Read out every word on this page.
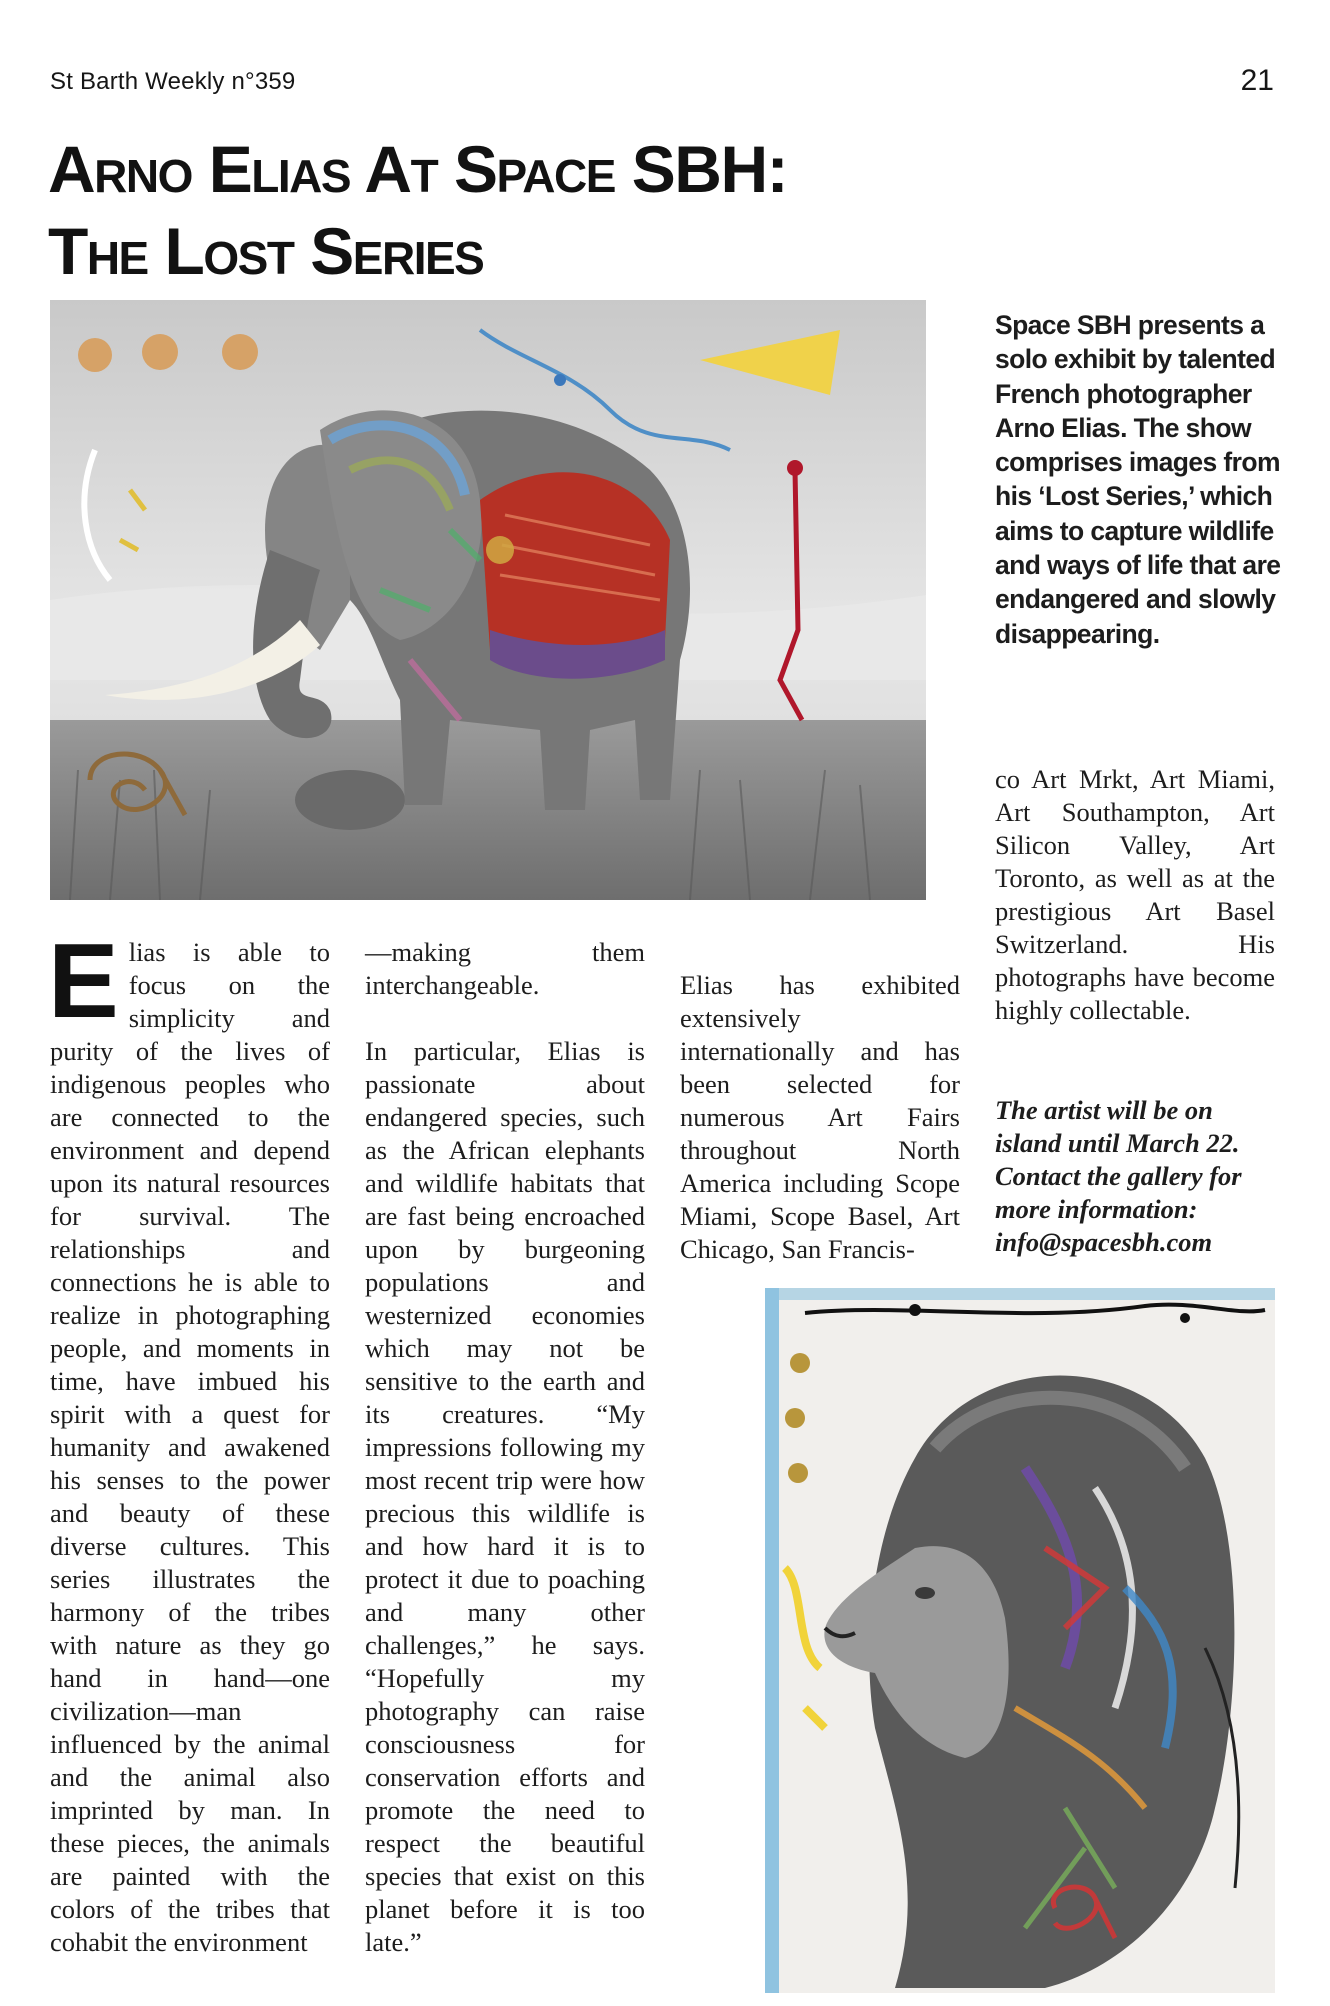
St Barth Weekly n°359	21
Arno Elias At Space SBH:
The Lost Series

Space SBH presents a solo exhibit by talented French photographer Arno Elias. The show comprises images from his ‘Lost Series,’ which aims to capture wildlife and ways of life that are endangered and slowly disappearing.

E lias is able to focus on the simplicity and purity of the lives of indigenous peoples who are connected to the environment and depend upon its natural resources for survival. The relationships and connections he is able to realize in photographing people, and moments in time, have imbued his spirit with a quest for humanity and awakened his senses to the power and beauty of these diverse cultures. This series illustrates the harmony of the tribes with nature as they go hand in hand—one civilization—man influenced by the animal and the animal also imprinted by man. In these pieces, the animals are painted with the colors of the tribes that cohabit the environment
—making them interchangeable.
In particular, Elias is passionate about endangered species, such as the African elephants and wildlife habitats that are fast being encroached upon by burgeoning populations and westernized economies which may not be sensitive to the earth and its creatures. “My impressions following my most recent trip were how precious this wildlife is and how hard it is to protect it due to poaching and many other challenges,” he says. “Hopefully my photography can raise consciousness for conservation efforts and promote the need to respect the beautiful species that exist on this planet before it is too late.”
Elias has exhibited extensively internationally and has been selected for numerous Art Fairs throughout North America including Scope Miami, Scope Basel, Art Chicago, San Francis-
co Art Mrkt, Art Miami, Art Southampton, Art Silicon Valley, Art Toronto, as well as at the prestigious Art Basel Switzerland. His photographs have become highly collectable.

The artist will be on island until March 22. Contact the gallery for more information: info@spacesbh.com
